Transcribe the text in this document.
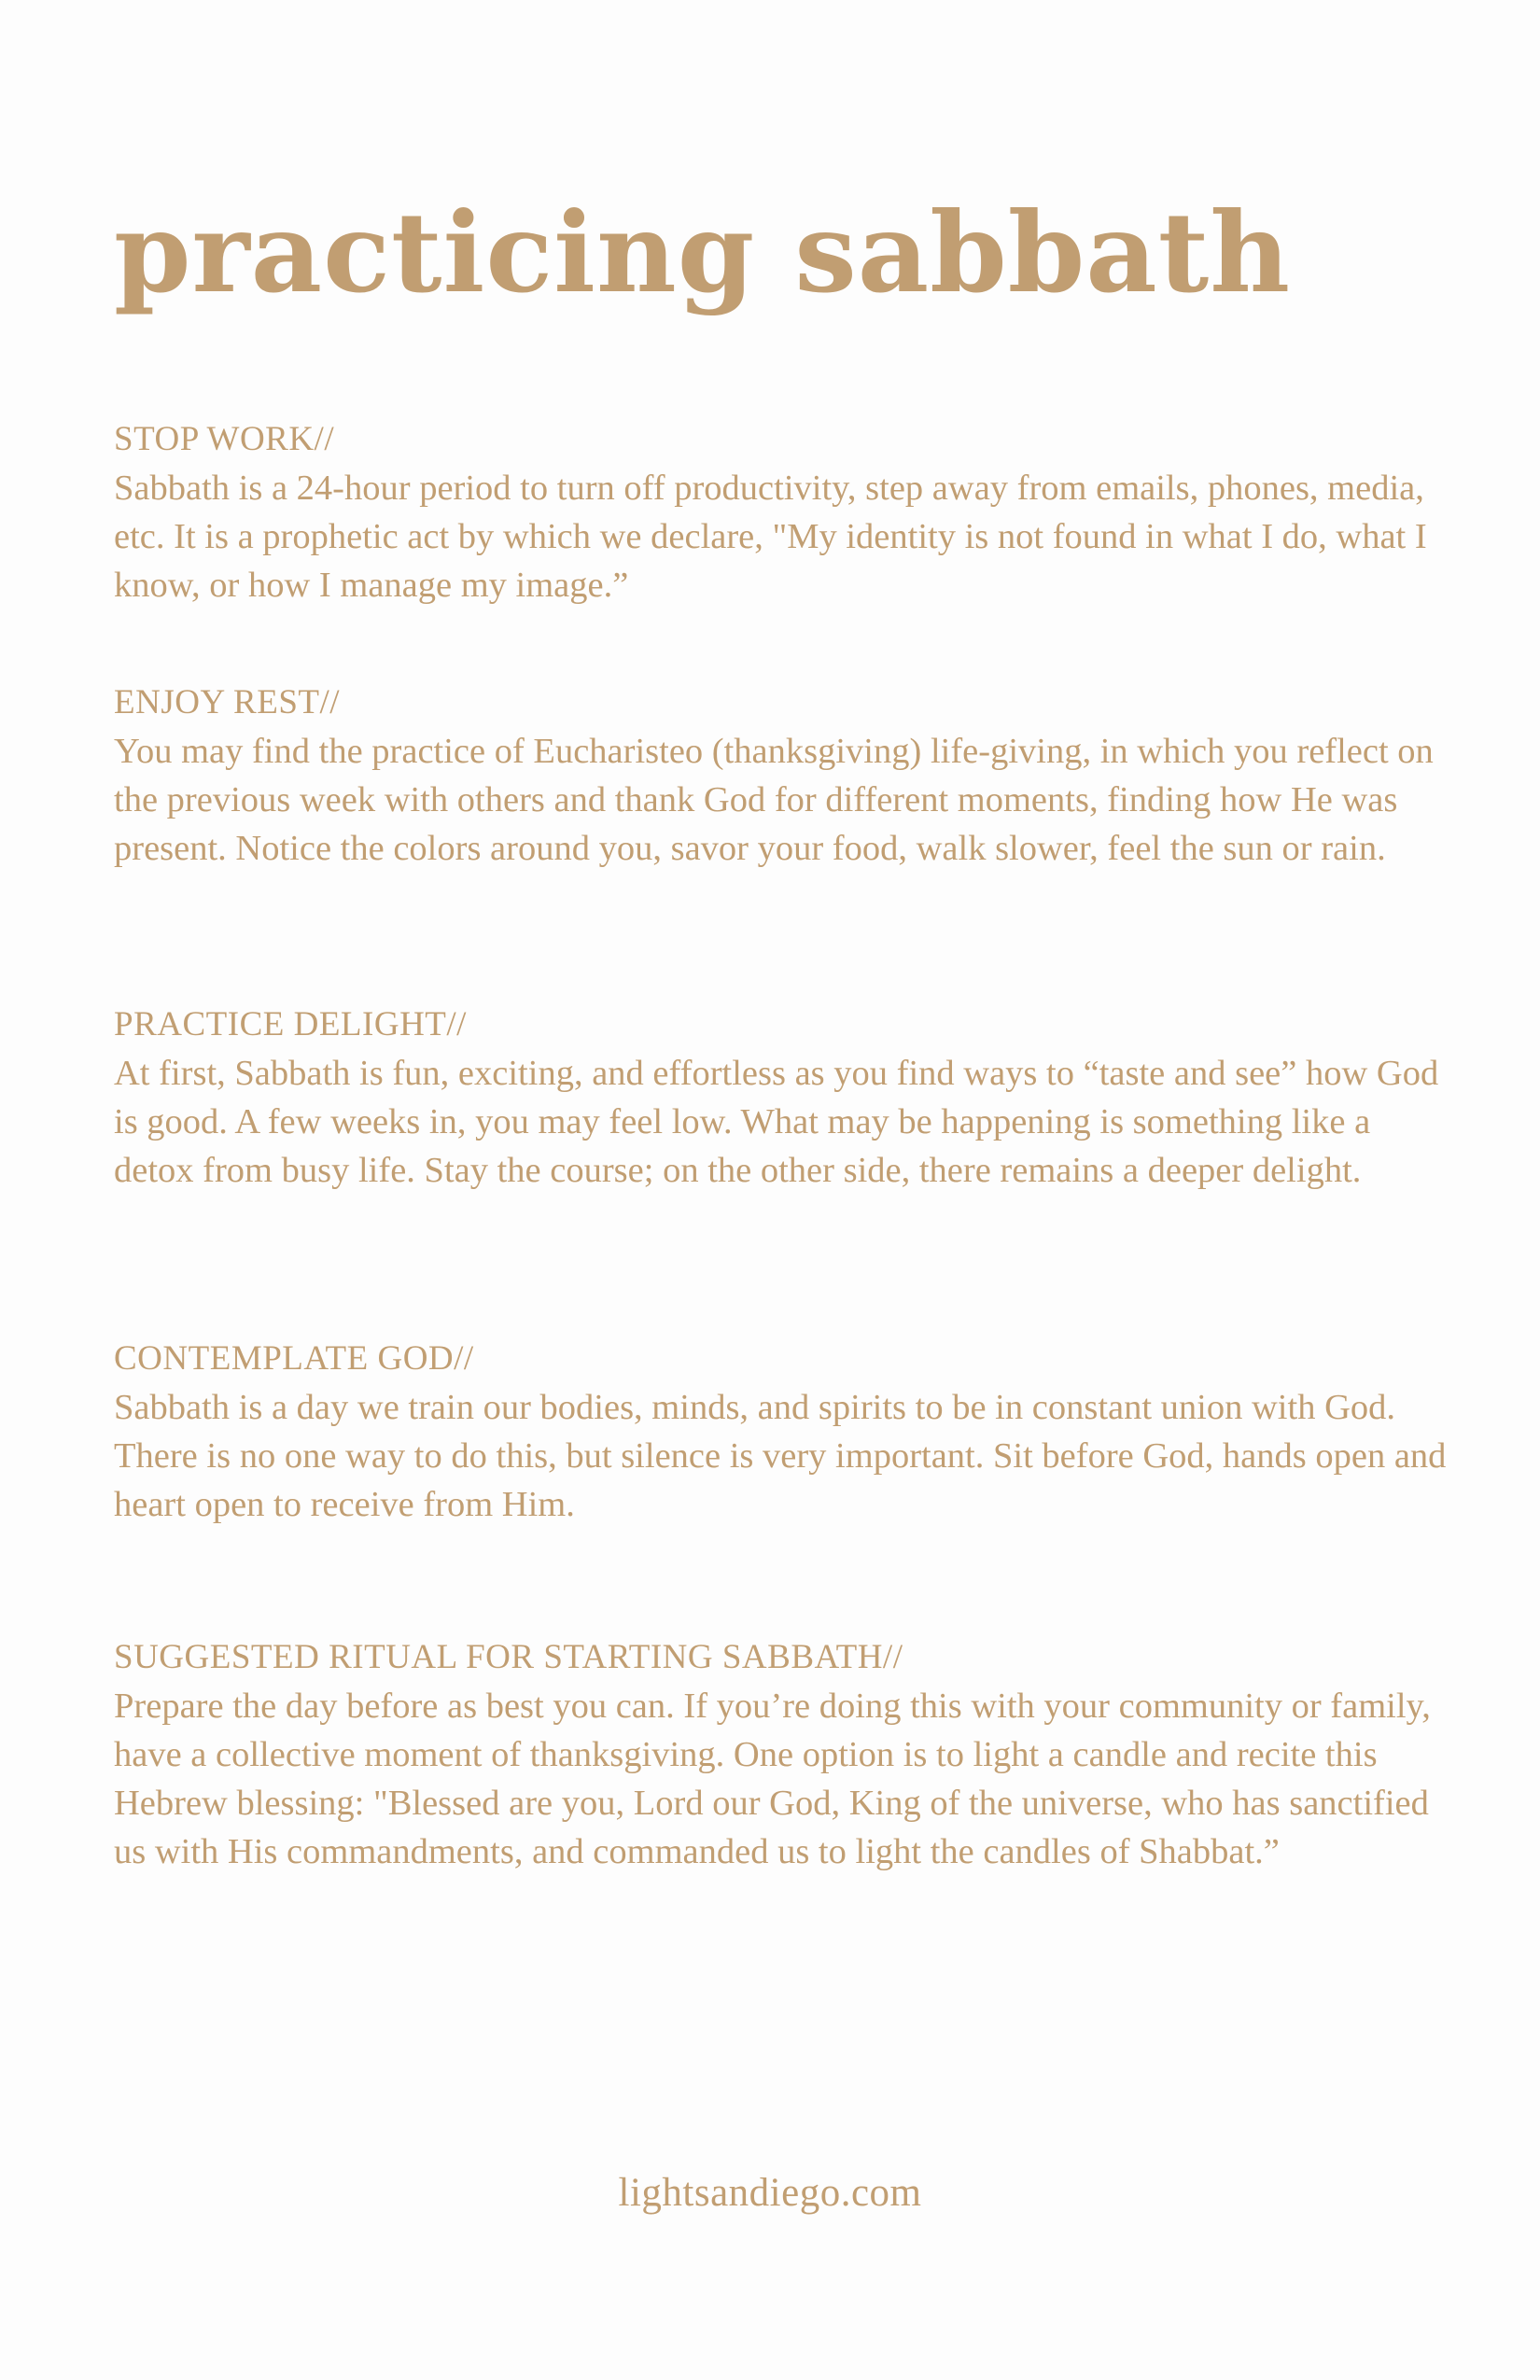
practicing sabbath
STOP WORK//

Sabbath is a 24-hour period to turn off productivity, step away from emails, phones, media, etc. It is a prophetic act by which we declare, "My identity is not found in what I do, what I know, or how I manage my image.”

ENJOY REST//

You may find the practice of Eucharisteo (thanksgiving) life-giving, in which you reflect on the previous week with others and thank God for different moments, finding how He was present. Notice the colors around you, savor your food, walk slower, feel the sun or rain.

PRACTICE DELIGHT//

At first, Sabbath is fun, exciting, and effortless as you find ways to “taste and see” how God is good. A few weeks in, you may feel low. What may be happening is something like a detox from busy life. Stay the course; on the other side, there remains a deeper delight.

CONTEMPLATE GOD//

Sabbath is a day we train our bodies, minds, and spirits to be in constant union with God. There is no one way to do this, but silence is very important. Sit before God, hands open and heart open to receive from Him.

SUGGESTED RITUAL FOR STARTING SABBATH//

Prepare the day before as best you can. If you’re doing this with your community or family, have a collective moment of thanksgiving. One option is to light a candle and recite this Hebrew blessing: "Blessed are you, Lord our God, King of the universe, who has sanctified us with His commandments, and commanded us to light the candles of Shabbat.”

lightsandiego.com
